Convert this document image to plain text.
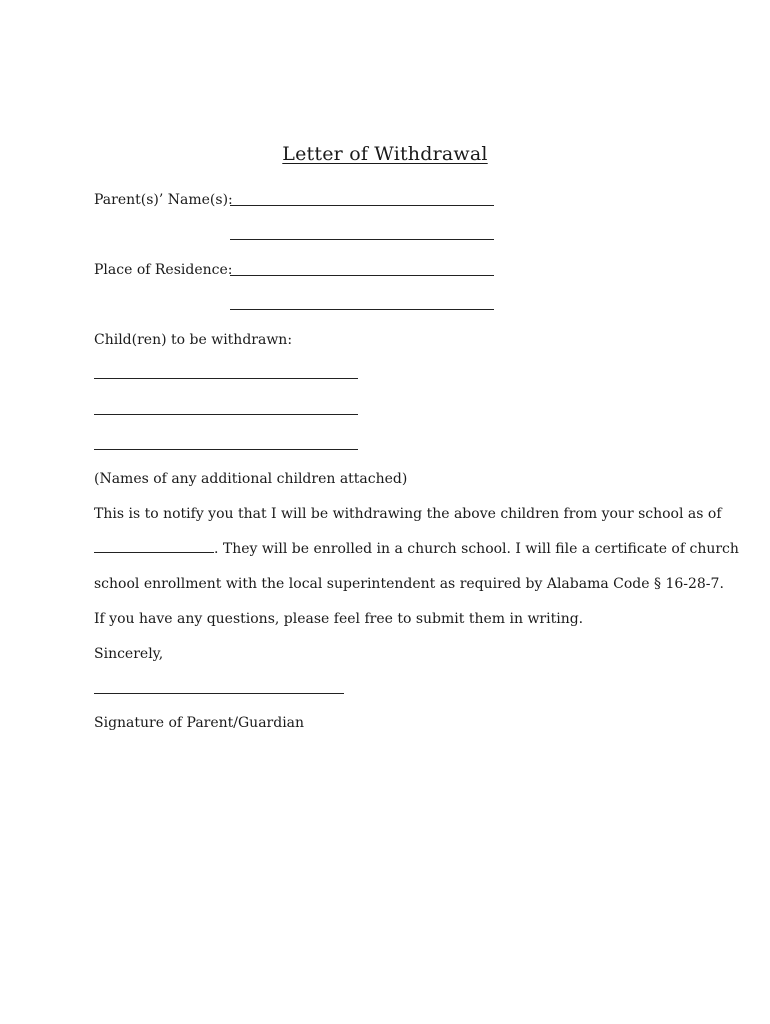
Letter of Withdrawal
Parent(s)’ Name(s):
Place of Residence:
Child(ren) to be withdrawn:
(Names of any additional children attached)
This is to notify you that I will be withdrawing the above children from your school as of
. They will be enrolled in a church school. I will file a certificate of church
school enrollment with the local superintendent as required by Alabama Code § 16-28-7.
If you have any questions, please feel free to submit them in writing.
Sincerely,
Signature of Parent/Guardian
